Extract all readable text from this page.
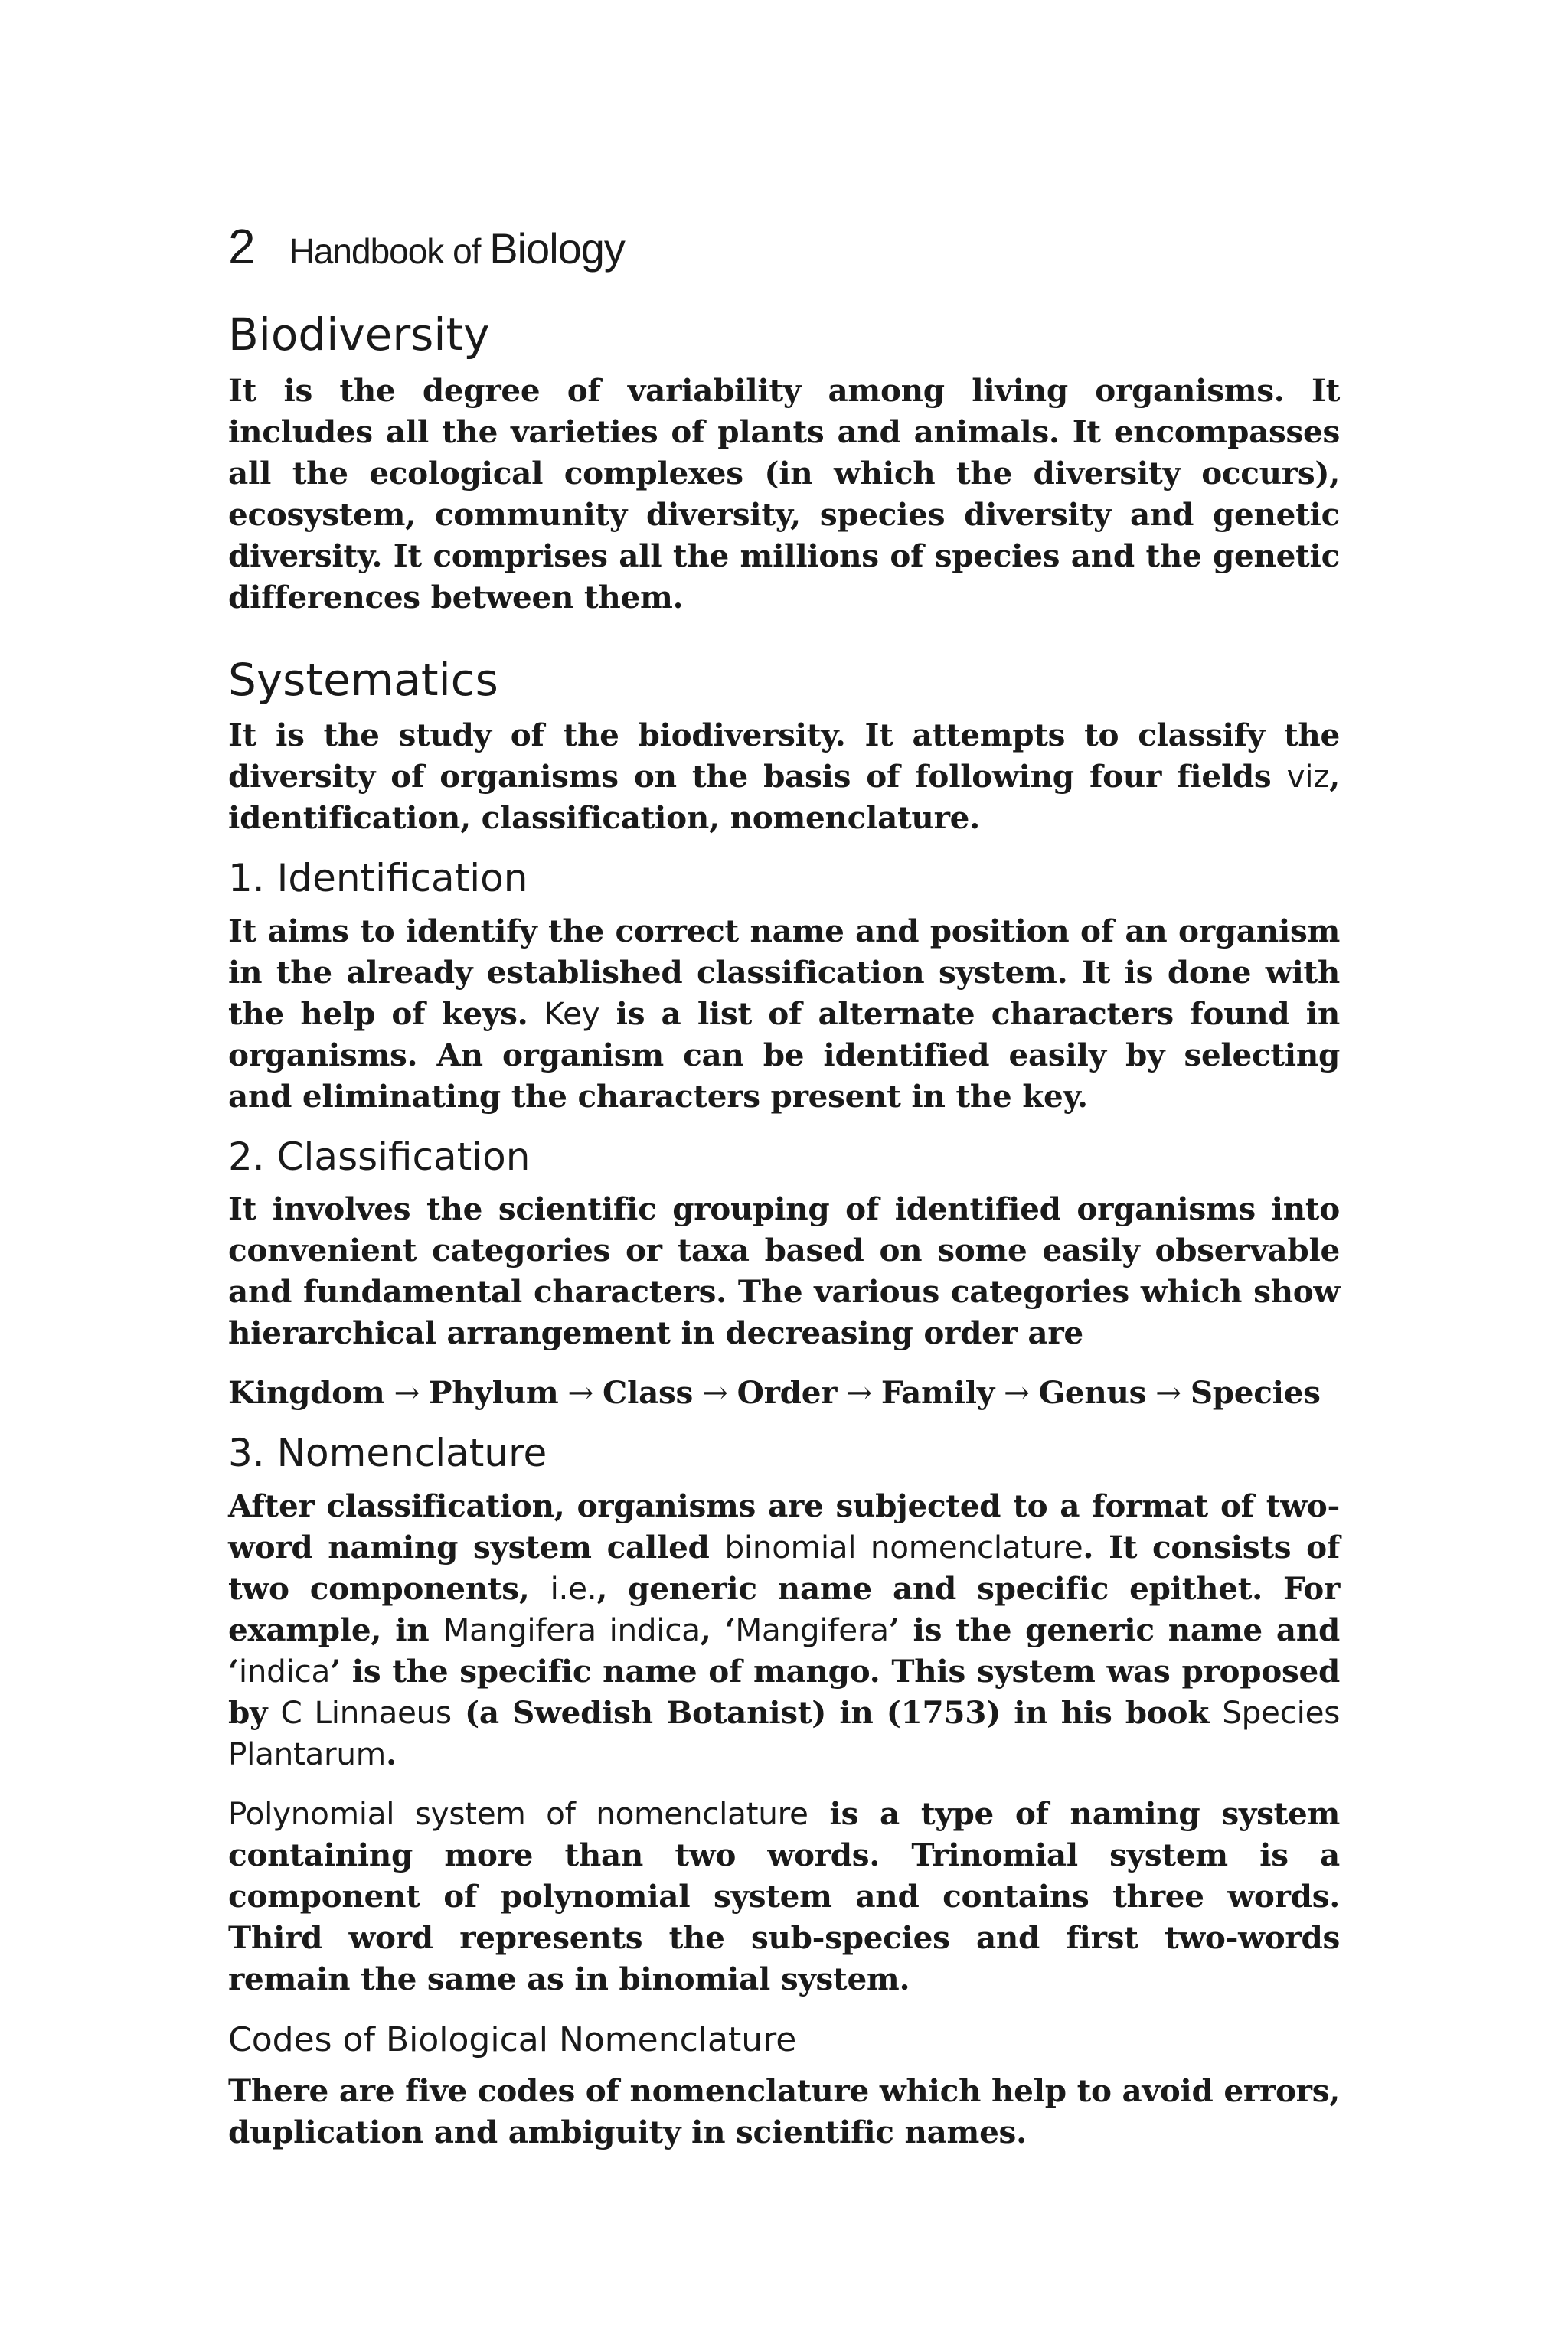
2 Handbook of Biology
Biodiversity

It is the degree of variability among living organisms. It includes all the varieties of plants and animals. It encompasses all the ecological complexes (in which the diversity occurs), ecosystem, community diversity, species diversity and genetic diversity. It comprises all the millions of species and the genetic differences between them.

Systematics

It is the study of the biodiversity. It attempts to classify the diversity of organisms on the basis of following four fields viz, identification, classification, nomenclature.

1. Identification

It aims to identify the correct name and position of an organism in the already established classification system. It is done with the help of keys. Key is a list of alternate characters found in organisms. An organism can be identified easily by selecting and eliminating the characters present in the key.

2. Classification

It involves the scientific grouping of identified organisms into convenient categories or taxa based on some easily observable and fundamental characters. The various categories which show hierarchical arrangement in decreasing order are

Kingdom → Phylum → Class → Order → Family → Genus → Species
3. Nomenclature

After classification, organisms are subjected to a format of two-word naming system called binomial nomenclature. It consists of two components, i.e., generic name and specific epithet. For example, in Mangifera indica, ‘Mangifera’ is the generic name and ‘indica’ is the specific name of mango. This system was proposed by C Linnaeus (a Swedish Botanist) in (1753) in his book Species Plantarum.

Polynomial system of nomenclature is a type of naming system containing more than two words. Trinomial system is a component of polynomial system and contains three words. Third word represents the sub-species and first two-words remain the same as in binomial system.

Codes of Biological Nomenclature

There are five codes of nomenclature which help to avoid errors, duplication and ambiguity in scientific names.
